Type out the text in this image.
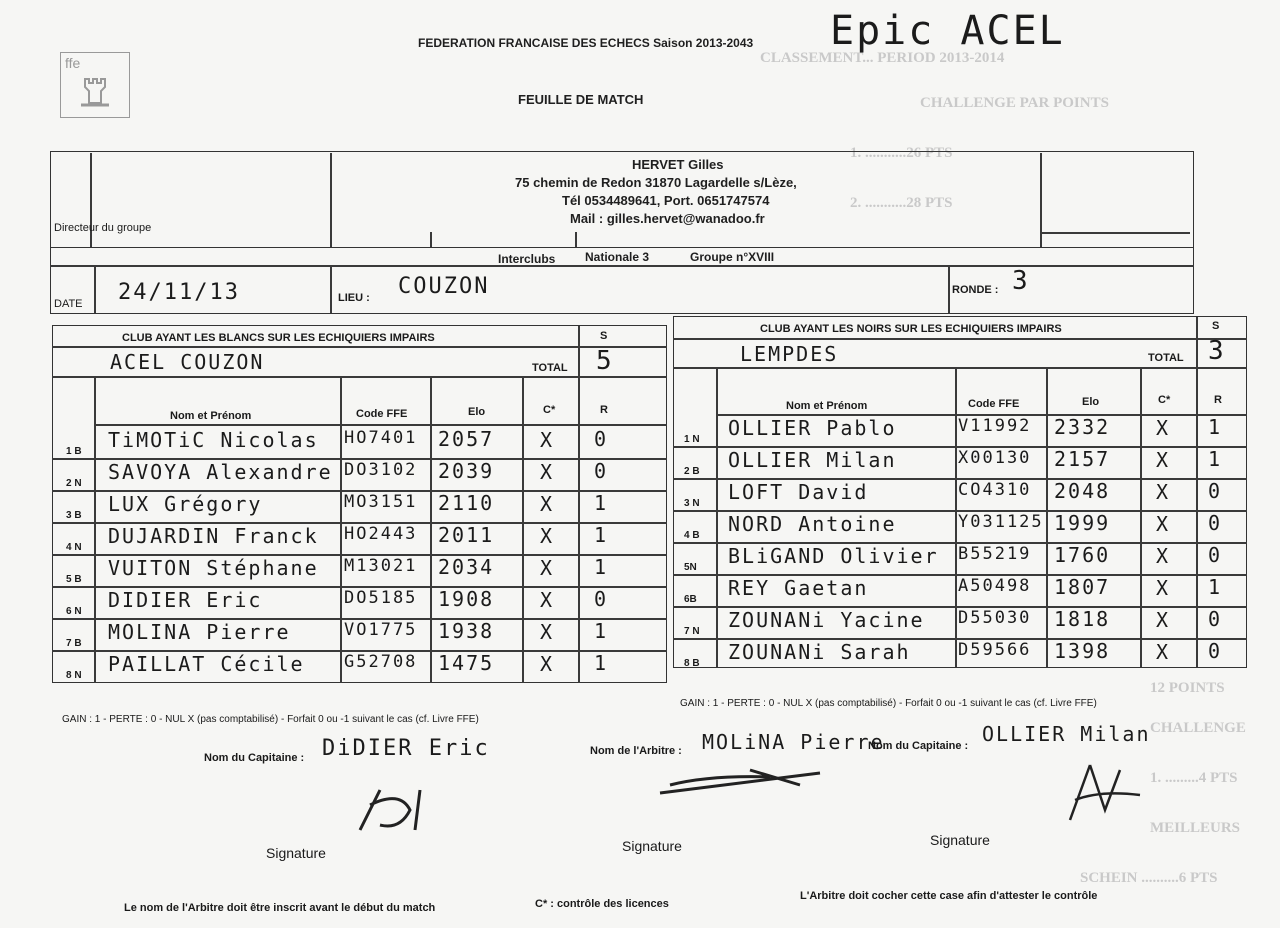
CLASSEMENT... PERIOD 2013-2014
CHALLENGE PAR POINTS
1. ...........26 PTS
2. ...........28 PTS
12 POINTS
CHALLENGE
1. .........4 PTS
MEILLEURS
SCHEIN ..........6 PTS
Epic ACEL
FEDERATION FRANCAISE DES ECHECS Saison 2013-2043
ffe
FEUILLE DE MATCH
Directeur du groupe
HERVET Gilles
75 chemin de Redon 31870 Lagardelle s/Lèze,
Tél 0534489641, Port. 0651747574
Mail : gilles.hervet@wanadoo.fr
Interclubs Nationale 3	Groupe n°XVIII
DATE 24/11/13	LIEU : COUZON	RONDE : 3
CLUB AYANT LES BLANCS SUR LES ECHIQUIERS IMPAIRS	S
ACEL COUZON	TOTAL 5
Nom et Prénom	Code FFE	Elo	C*	R
1 B TiMOTiC Nicolas HO7401 2057 X 0
2 N SAVOYA Alexandre DO3102 2039 X 0
3 B LUX Grégory	MO3151 2110 X 1
4 N DUJARDIN Franck HO2443 2011 X 1
5 B VUITON Stéphane M13021 2034 X 1
6 N DIDIER Eric	DO5185 1908 X 0
7 B MOLINA Pierre	VO1775 1938 X 1
8 N PAILLAT Cécile G52708 1475 X 1
CLUB AYANT LES NOIRS SUR LES ECHIQUIERS IMPAIRS	S
LEMPDES	TOTAL 3
Nom et Prénom	Code FFE	Elo	C*	R
1 N OLLIER Pablo	V11992 2332 X 1
2 B OLLIER Milan	X00130 2157 X 1
3 N LOFT David	CO4310 2048 X 0
4 B NORD Antoine	Y031125 1999 X 0
5N BLiGAND Olivier B55219 1760 X 0
6B REY Gaetan	A50498 1807 X 1
7 N ZOUNANi Yacine D55030 1818 X 0
8 B ZOUNANi Sarah	D59566 1398 X 0
GAIN : 1 - PERTE : 0 - NUL X (pas comptabilisé) - Forfait 0 ou -1 suivant le cas (cf. Livre FFE)
GAIN : 1 - PERTE : 0 - NUL X (pas comptabilisé) - Forfait 0 ou -1 suivant le cas (cf. Livre FFE)
Nom du Capitaine : DiDIER Eric	Nom de l'Arbitre : MOLiNA Pierre
Nom du Capitaine : OLLIER Milan
Signature	Signature	Signature
Le nom de l'Arbitre doit être inscrit avant le début du match	C* : contrôle des licences
L'Arbitre doit cocher cette case afin d'attester le contrôle
